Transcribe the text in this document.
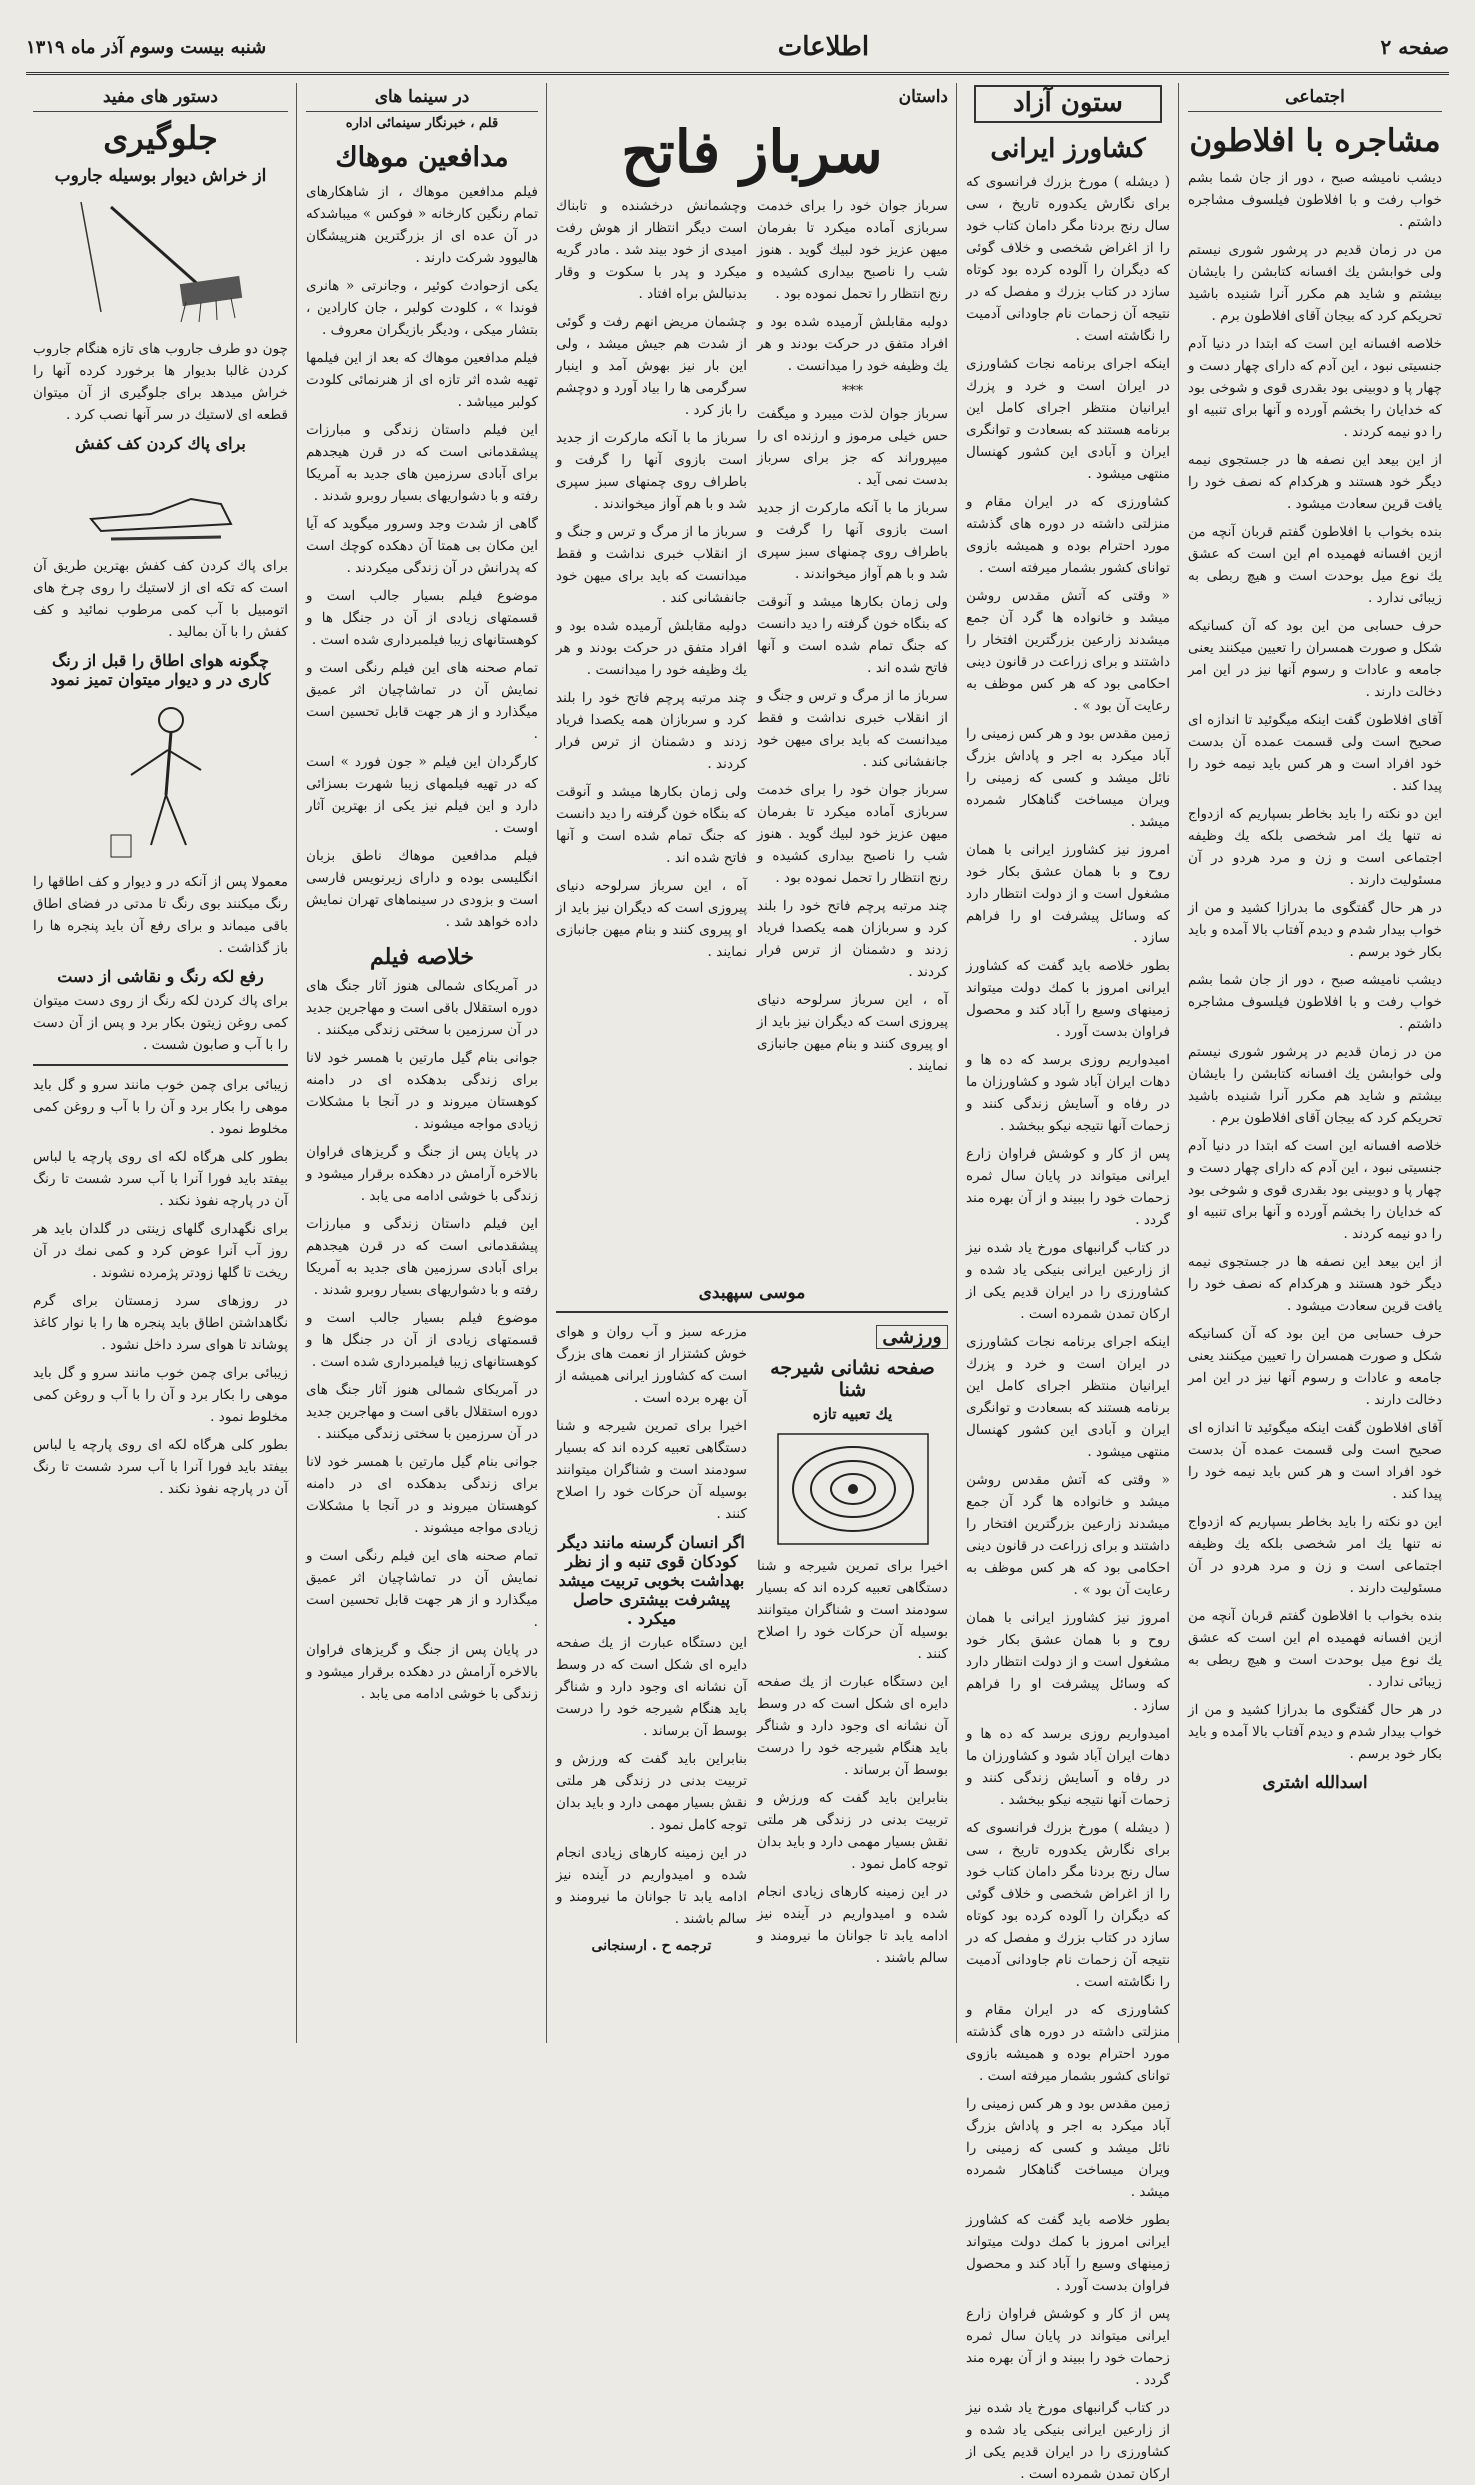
صفحه ۲
اطلاعات
شنبه بیست وسوم آذر ماه ۱۳۱۹
اجتماعی
مشاجره با افلاطون

دیشب نامیشه صبح ، دور از جان شما بشم خواب رفت و با افلاطون فیلسوف مشاجره داشتم .

من در زمان قدیم در پرشور شوری نیستم ولی خوابشن یك افسانه کتابشن را بایشان بیشتم و شاید هم مکرر آنرا شنیده باشید تحریکم کرد که بیجان آقای افلاطون برم .

خلاصه افسانه این است که ابتدا در دنیا آدم جنسیتی نبود ، این آدم که دارای چهار دست و چهار پا و دوبینی بود بقدری قوی و شوخی بود که خدایان را بخشم آورده و آنها برای تنبیه او را دو نیمه کردند .

از این بیعد این نصفه ها در جستجوی نیمه دیگر خود هستند و هرکدام که نصف خود را یافت قرین سعادت میشود .

بنده بخواب با افلاطون گفتم قربان آنچه من ازین افسانه فهمیده ام این است که عشق یك نوع میل بوحدت است و هیچ ربطی به زیبائی ندارد .

حرف حسابی من این بود که آن کسانیکه شکل و صورت همسران را تعیین میکنند یعنی جامعه و عادات و رسوم آنها نیز در این امر دخالت دارند .

آقای افلاطون گفت اینکه میگوئید تا اندازه ای صحیح است ولی قسمت عمده آن بدست خود افراد است و هر کس باید نیمه خود را پیدا کند .

این دو نکته را باید بخاطر بسپاریم که ازدواج نه تنها یك امر شخصی بلکه یك وظیفه اجتماعی است و زن و مرد هردو در آن مسئولیت دارند .

در هر حال گفتگوی ما بدرازا کشید و من از خواب بیدار شدم و دیدم آفتاب بالا آمده و باید بکار خود برسم .

دیشب نامیشه صبح ، دور از جان شما بشم خواب رفت و با افلاطون فیلسوف مشاجره داشتم .

من در زمان قدیم در پرشور شوری نیستم ولی خوابشن یك افسانه کتابشن را بایشان بیشتم و شاید هم مکرر آنرا شنیده باشید تحریکم کرد که بیجان آقای افلاطون برم .

خلاصه افسانه این است که ابتدا در دنیا آدم جنسیتی نبود ، این آدم که دارای چهار دست و چهار پا و دوبینی بود بقدری قوی و شوخی بود که خدایان را بخشم آورده و آنها برای تنبیه او را دو نیمه کردند .

از این بیعد این نصفه ها در جستجوی نیمه دیگر خود هستند و هرکدام که نصف خود را یافت قرین سعادت میشود .

حرف حسابی من این بود که آن کسانیکه شکل و صورت همسران را تعیین میکنند یعنی جامعه و عادات و رسوم آنها نیز در این امر دخالت دارند .

آقای افلاطون گفت اینکه میگوئید تا اندازه ای صحیح است ولی قسمت عمده آن بدست خود افراد است و هر کس باید نیمه خود را پیدا کند .

این دو نکته را باید بخاطر بسپاریم که ازدواج نه تنها یك امر شخصی بلکه یك وظیفه اجتماعی است و زن و مرد هردو در آن مسئولیت دارند .

بنده بخواب با افلاطون گفتم قربان آنچه من ازین افسانه فهمیده ام این است که عشق یك نوع میل بوحدت است و هیچ ربطی به زیبائی ندارد .

در هر حال گفتگوی ما بدرازا کشید و من از خواب بیدار شدم و دیدم آفتاب بالا آمده و باید بکار خود برسم .

اسدالله اشتری
ستون آزاد
کشاورز ایرانی

( دیشله ) مورخ بزرك فرانسوی که برای نگارش یکدوره تاریخ ، سی سال رنج بردنا مگر دامان کتاب خود را از اغراض شخصی و خلاف گوئی که دیگران را آلوده کرده بود کوتاه سازد در کتاب بزرك و مفصل که در نتیجه آن زحمات نام جاودانی آدمیت را نگاشته است .

اینکه اجرای برنامه نجات کشاورزی در ایران است و خرد و پزرك ایرانیان منتظر اجرای کامل این برنامه هستند که بسعادت و توانگری ایران و آبادی این کشور کهنسال منتهی میشود .

کشاورزی که در ایران مقام و منزلتی داشته در دوره های گذشته مورد احترام بوده و همیشه بازوی توانای کشور بشمار میرفته است .

« وقتی که آتش مقدس روشن میشد و خانواده ها گرد آن جمع میشدند زارعین بزرگترین افتخار را داشتند و برای زراعت در قانون دینی احکامی بود که هر کس موظف به رعایت آن بود » .

زمین مقدس بود و هر کس زمینی را آباد میکرد به اجر و پاداش بزرگ نائل میشد و کسی که زمینی را ویران میساخت گناهکار شمرده میشد .

امروز نیز کشاورز ایرانی با همان روح و با همان عشق بکار خود مشغول است و از دولت انتظار دارد که وسائل پیشرفت او را فراهم سازد .

بطور خلاصه باید گفت که کشاورز ایرانی امروز با کمك دولت میتواند زمینهای وسیع را آباد کند و محصول فراوان بدست آورد .

امیدواریم روزی برسد که ده ها و دهات ایران آباد شود و کشاورزان ما در رفاه و آسایش زندگی کنند و زحمات آنها نتیجه نیکو ببخشد .

پس از کار و کوشش فراوان زارع ایرانی میتواند در پایان سال ثمره زحمات خود را ببیند و از آن بهره مند گردد .

در کتاب گرانبهای مورخ یاد شده نیز از زارعین ایرانی بنیکی یاد شده و کشاورزی را در ایران قدیم یکی از ارکان تمدن شمرده است .

اینکه اجرای برنامه نجات کشاورزی در ایران است و خرد و پزرك ایرانیان منتظر اجرای کامل این برنامه هستند که بسعادت و توانگری ایران و آبادی این کشور کهنسال منتهی میشود .

« وقتی که آتش مقدس روشن میشد و خانواده ها گرد آن جمع میشدند زارعین بزرگترین افتخار را داشتند و برای زراعت در قانون دینی احکامی بود که هر کس موظف به رعایت آن بود » .

امروز نیز کشاورز ایرانی با همان روح و با همان عشق بکار خود مشغول است و از دولت انتظار دارد که وسائل پیشرفت او را فراهم سازد .

امیدواریم روزی برسد که ده ها و دهات ایران آباد شود و کشاورزان ما در رفاه و آسایش زندگی کنند و زحمات آنها نتیجه نیکو ببخشد .

( دیشله ) مورخ بزرك فرانسوی که برای نگارش یکدوره تاریخ ، سی سال رنج بردنا مگر دامان کتاب خود را از اغراض شخصی و خلاف گوئی که دیگران را آلوده کرده بود کوتاه سازد در کتاب بزرك و مفصل که در نتیجه آن زحمات نام جاودانی آدمیت را نگاشته است .

کشاورزی که در ایران مقام و منزلتی داشته در دوره های گذشته مورد احترام بوده و همیشه بازوی توانای کشور بشمار میرفته است .

زمین مقدس بود و هر کس زمینی را آباد میکرد به اجر و پاداش بزرگ نائل میشد و کسی که زمینی را ویران میساخت گناهکار شمرده میشد .

بطور خلاصه باید گفت که کشاورز ایرانی امروز با کمك دولت میتواند زمینهای وسیع را آباد کند و محصول فراوان بدست آورد .

پس از کار و کوشش فراوان زارع ایرانی میتواند در پایان سال ثمره زحمات خود را ببیند و از آن بهره مند گردد .

در کتاب گرانبهای مورخ یاد شده نیز از زارعین ایرانی بنیکی یاد شده و کشاورزی را در ایران قدیم یکی از ارکان تمدن شمرده است .

داستان
سرباز فاتح

سرباز جوان خود را برای خدمت سربازی آماده میکرد تا بفرمان میهن عزیز خود لبیك گوید . هنوز شب را ناصبح بیداری کشیده و رنج انتظار را تحمل نموده بود .

دولبه مقابلش آرمیده شده بود و افراد متفق در حرکت بودند و هر یك وظیفه خود را میدانست .

***

سرباز جوان لذت میبرد و میگفت حس خیلی مرموز و ارزنده ای را میپروراند که جز برای سرباز بدست نمی آید .

سرباز ما با آنکه مارکرت از جدید است بازوی آنها را گرفت و باطراف روی چمنهای سبز سپری شد و با هم آواز میخواندند .

ولی زمان بکارها میشد و آنوقت که بنگاه خون گرفته را دید دانست که جنگ تمام شده است و آنها فاتح شده اند .

سرباز ما از مرگ و ترس و جنگ و از انقلاب خبری نداشت و فقط میدانست که باید برای میهن خود جانفشانی کند .

سرباز جوان خود را برای خدمت سربازی آماده میکرد تا بفرمان میهن عزیز خود لبیك گوید . هنوز شب را ناصبح بیداری کشیده و رنج انتظار را تحمل نموده بود .

چند مرتبه پرچم فاتح خود را بلند کرد و سربازان همه یکصدا فریاد زدند و دشمنان از ترس فرار کردند .

آه ، این سرباز سرلوحه دنیای پیروزی است که دیگران نیز باید از او پیروی کنند و بنام میهن جانبازی نمایند .

وچشمانش درخشنده و تابناك است دیگر انتظار از هوش رفت امیدی از خود بیند شد . مادر گریه میکرد و پدر با سکوت و وقار بدنبالش براه افتاد .

چشمان مریض انهم رفت و گوئی از شدت هم جیش میشد ، ولی این بار نیز بهوش آمد و اینبار سرگرمی ها را بیاد آورد و دوچشم را باز کرد .

سرباز ما با آنکه مارکرت از جدید است بازوی آنها را گرفت و باطراف روی چمنهای سبز سپری شد و با هم آواز میخواندند .

سرباز ما از مرگ و ترس و جنگ و از انقلاب خبری نداشت و فقط میدانست که باید برای میهن خود جانفشانی کند .

دولبه مقابلش آرمیده شده بود و افراد متفق در حرکت بودند و هر یك وظیفه خود را میدانست .

چند مرتبه پرچم فاتح خود را بلند کرد و سربازان همه یکصدا فریاد زدند و دشمنان از ترس فرار کردند .

ولی زمان بکارها میشد و آنوقت که بنگاه خون گرفته را دید دانست که جنگ تمام شده است و آنها فاتح شده اند .

آه ، این سرباز سرلوحه دنیای پیروزی است که دیگران نیز باید از او پیروی کنند و بنام میهن جانبازی نمایند .

موسی سپهبدی
ورزشی
صفحه نشانی شیرجه شنا
یك تعبیه تازه

اخیرا برای تمرین شیرجه و شنا دستگاهی تعبیه کرده اند که بسیار سودمند است و شناگران میتوانند بوسیله آن حرکات خود را اصلاح کنند .

این دستگاه عبارت از یك صفحه دایره ای شکل است که در وسط آن نشانه ای وجود دارد و شناگر باید هنگام شیرجه خود را درست بوسط آن برساند .

بنابراین باید گفت که ورزش و تربیت بدنی در زندگی هر ملتی نقش بسیار مهمی دارد و باید بدان توجه کامل نمود .

در این زمینه کارهای زیادی انجام شده و امیدواریم در آینده نیز ادامه یابد تا جوانان ما نیرومند و سالم باشند .

مزرعه سبز و آب روان و هوای خوش کشتزار از نعمت های بزرگ است که کشاورز ایرانی همیشه از آن بهره برده است .

اخیرا برای تمرین شیرجه و شنا دستگاهی تعبیه کرده اند که بسیار سودمند است و شناگران میتوانند بوسیله آن حرکات خود را اصلاح کنند .

اگر انسان گرسنه مانند دیگر کودکان قوی تنبه و از نظر بهداشت بخوبی تربیت میشد پیشرفت بیشتری حاصل میکرد .

این دستگاه عبارت از یك صفحه دایره ای شکل است که در وسط آن نشانه ای وجود دارد و شناگر باید هنگام شیرجه خود را درست بوسط آن برساند .

بنابراین باید گفت که ورزش و تربیت بدنی در زندگی هر ملتی نقش بسیار مهمی دارد و باید بدان توجه کامل نمود .

در این زمینه کارهای زیادی انجام شده و امیدواریم در آینده نیز ادامه یابد تا جوانان ما نیرومند و سالم باشند .

ترجمه ح . ارسنجانی
در سینما های
قلم ، خبرنگار سینمائی اداره
مدافعین موهاك

فیلم مدافعین موهاك ، از شاهکارهای تمام رنگین کارخانه « فوکس » میباشدکه در آن عده ای از بزرگترین هنرپیشگان هالیوود شرکت دارند .

یکی ازحوادث کوئیر ، وجانرتی « هانری فوندا » ، کلودت کولبر ، جان کارادین ، بتشار میکی ، ودیگر بازیگران معروف .

فیلم مدافعین موهاك که بعد از این فیلمها تهیه شده اثر تازه ای از هنرنمائی کلودت کولبر میباشد .

این فیلم داستان زندگی و مبارزات پیشقدمانی است که در قرن هیجدهم برای آبادی سرزمین های جدید به آمریکا رفته و با دشواریهای بسیار روبرو شدند .

گاهی از شدت وجد وسرور میگوید که آیا این مکان بی همتا آن دهکده کوچك است که پدرانش در آن زندگی میکردند .

موضوع فیلم بسیار جالب است و قسمتهای زیادی از آن در جنگل ها و کوهستانهای زیبا فیلمبرداری شده است .

تمام صحنه های این فیلم رنگی است و نمایش آن در تماشاچیان اثر عمیق میگذارد و از هر جهت قابل تحسین است .

کارگردان این فیلم « جون فورد » است که در تهیه فیلمهای زیبا شهرت بسزائی دارد و این فیلم نیز یکی از بهترین آثار اوست .

فیلم مدافعین موهاك ناطق بزبان انگلیسی بوده و دارای زیرنویس فارسی است و بزودی در سینماهای تهران نمایش داده خواهد شد .

خلاصه فیلم

در آمریکای شمالی هنوز آثار جنگ های دوره استقلال باقی است و مهاجرین جدید در آن سرزمین با سختی زندگی میکنند .

جوانی بنام گیل مارتین با همسر خود لانا برای زندگی بدهکده ای در دامنه کوهستان میروند و در آنجا با مشکلات زیادی مواجه میشوند .

در پایان پس از جنگ و گریزهای فراوان بالاخره آرامش در دهکده برقرار میشود و زندگی با خوشی ادامه می یابد .

این فیلم داستان زندگی و مبارزات پیشقدمانی است که در قرن هیجدهم برای آبادی سرزمین های جدید به آمریکا رفته و با دشواریهای بسیار روبرو شدند .

موضوع فیلم بسیار جالب است و قسمتهای زیادی از آن در جنگل ها و کوهستانهای زیبا فیلمبرداری شده است .

در آمریکای شمالی هنوز آثار جنگ های دوره استقلال باقی است و مهاجرین جدید در آن سرزمین با سختی زندگی میکنند .

جوانی بنام گیل مارتین با همسر خود لانا برای زندگی بدهکده ای در دامنه کوهستان میروند و در آنجا با مشکلات زیادی مواجه میشوند .

تمام صحنه های این فیلم رنگی است و نمایش آن در تماشاچیان اثر عمیق میگذارد و از هر جهت قابل تحسین است .

در پایان پس از جنگ و گریزهای فراوان بالاخره آرامش در دهکده برقرار میشود و زندگی با خوشی ادامه می یابد .

دستور های مفید
جلوگیری
از خراش دیوار بوسیله جاروب

چون دو طرف جاروب های تازه هنگام جاروب کردن غالبا بدیوار ها برخورد کرده آنها را خراش میدهد برای جلوگیری از آن میتوان قطعه ای لاستیك در سر آنها نصب کرد .

برای پاك کردن کف کفش

برای پاك کردن کف کفش بهترین طریق آن است که تکه ای از لاستیك را روی چرخ های اتومبیل با آب کمی مرطوب نمائید و کف کفش را با آن بمالید .

چگونه هوای اطاق را قبل از رنگ کاری در و دیوار میتوان تمیز نمود

معمولا پس از آنکه در و دیوار و کف اطاقها را رنگ میکنند بوی رنگ تا مدتی در فضای اطاق باقی میماند و برای رفع آن باید پنجره ها را باز گذاشت .

رفع لکه رنگ و نقاشی از دست

برای پاك کردن لکه رنگ از روی دست میتوان کمی روغن زیتون بکار برد و پس از آن دست را با آب و صابون شست .

زیبائی برای چمن خوب مانند سرو و گل باید موهی را بکار برد و آن را با آب و روغن کمی مخلوط نمود .

بطور کلی هرگاه لکه ای روی پارچه یا لباس بیفتد باید فورا آنرا با آب سرد شست تا رنگ آن در پارچه نفوذ نکند .

برای نگهداری گلهای زینتی در گلدان باید هر روز آب آنرا عوض کرد و کمی نمك در آن ریخت تا گلها زودتر پژمرده نشوند .

در روزهای سرد زمستان برای گرم نگاهداشتن اطاق باید پنجره ها را با نوار کاغذ پوشاند تا هوای سرد داخل نشود .

زیبائی برای چمن خوب مانند سرو و گل باید موهی را بکار برد و آن را با آب و روغن کمی مخلوط نمود .

بطور کلی هرگاه لکه ای روی پارچه یا لباس بیفتد باید فورا آنرا با آب سرد شست تا رنگ آن در پارچه نفوذ نکند .
